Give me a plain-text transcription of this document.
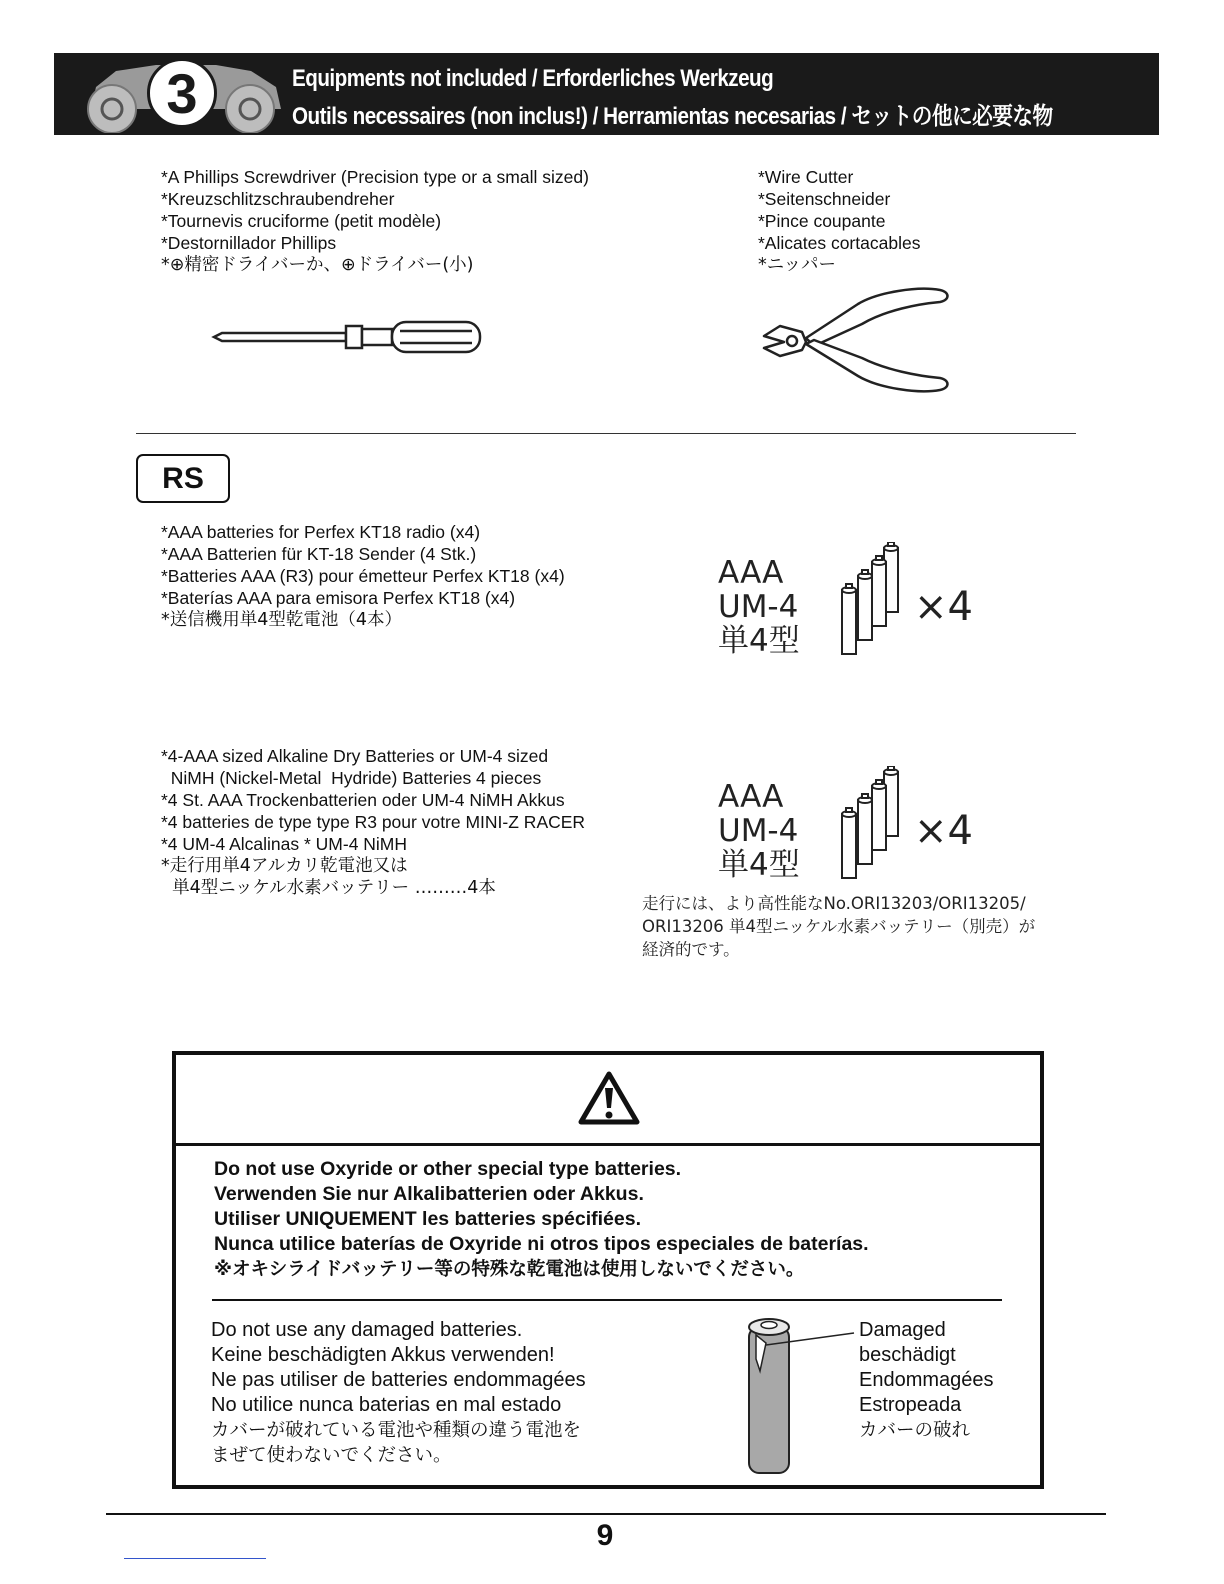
3	Equipments not included / Erforderliches Werkzeug
Outils necessaires (non inclus!) / Herramientas necesarias / セットの他に必要な物
*A Phillips Screwdriver (Precision type or a small sized)
*Kreuzschlitzschraubendreher
*Tournevis cruciforme (petit modèle)
*Destornillador Phillips
*⊕精密ドライバーか、⊕ドライバー(小)
*Wire Cutter
*Seitenschneider
*Pince coupante
*Alicates cortacables
*ニッパー
RS
*AAA batteries for Perfex KT18 radio (x4)
*AAA Batterien für KT-18 Sender (4 Stk.)
*Batteries AAA (R3) pour émetteur Perfex KT18 (x4)
*Baterías AAA para emisora Perfex KT18 (x4)
*送信機用単4型乾電池（4本）
AAA
UM-4
単4型
×4
*4-AAA sized Alkaline Dry Batteries or UM-4 sized
NiMH (Nickel-Metal  Hydride) Batteries 4 pieces
*4 St. AAA Trockenbatterien oder UM-4 NiMH Akkus
*4 batteries de type type R3 pour votre MINI-Z RACER
*4 UM-4 Alcalinas * UM-4 NiMH
*走行用単4アルカリ乾電池又は
単4型ニッケル水素バッテリー ………4本
AAA
UM-4
単4型
×4
走行には、より高性能なNo.ORI13203/ORI13205/
ORI13206 単4型ニッケル水素バッテリー（別売）が
経済的です。
Do not use Oxyride or other special type batteries.
Verwenden Sie nur Alkalibatterien oder Akkus.
Utiliser UNIQUEMENT les batteries spécifiées.
Nunca utilice baterías de Oxyride ni otros tipos especiales de baterías.
※オキシライドバッテリー等の特殊な乾電池は使用しないでください。
Do not use any damaged batteries.
Keine beschädigten Akkus verwenden!
Ne pas utiliser de batteries endommagées
No utilice nunca baterias en mal estado
カバーが破れている電池や種類の違う電池を
まぜて使わないでください。
Damaged
beschädigt
Endommagées
Estropeada
カバーの破れ
9
